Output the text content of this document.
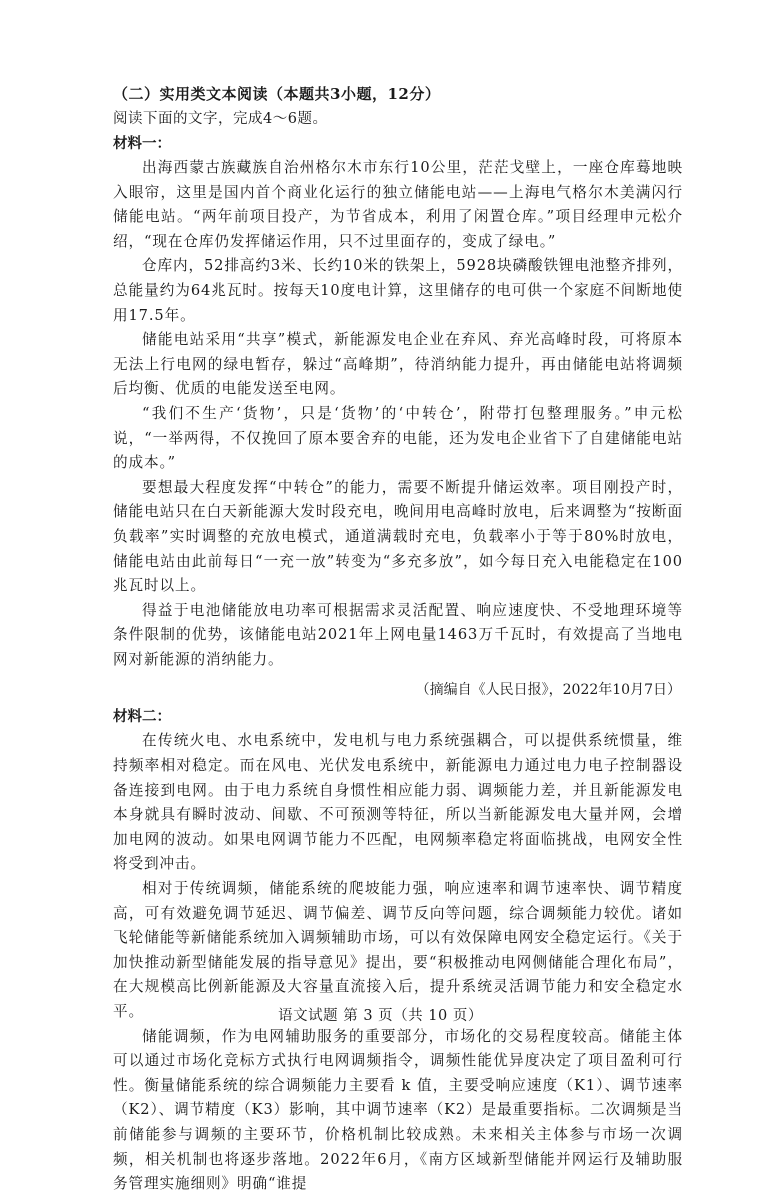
（二）实用类文本阅读（本题共3小题，12分）
阅读下面的文字，完成4～6题。
材料一：

出海西蒙古族藏族自治州格尔木市东行10公里，茫茫戈壁上，一座仓库蓦地映入眼帘，这里是国内首个商业化运行的独立储能电站——上海电气格尔木美满闪行储能电站。“两年前项目投产，为节省成本，利用了闲置仓库。”项目经理申元松介绍，“现在仓库仍发挥储运作用，只不过里面存的，变成了绿电。”

仓库内，52排高约3米、长约10米的铁架上，5928块磷酸铁锂电池整齐排列，总能量约为64兆瓦时。按每天10度电计算，这里储存的电可供一个家庭不间断地使用17.5年。

储能电站采用“共享”模式，新能源发电企业在弃风、弃光高峰时段，可将原本无法上行电网的绿电暂存，躲过“高峰期”，待消纳能力提升，再由储能电站将调频后均衡、优质的电能发送至电网。

“我们不生产‘货物’，只是‘货物’的‘中转仓’，附带打包整理服务。”申元松说，“一举两得，不仅挽回了原本要舍弃的电能，还为发电企业省下了自建储能电站的成本。”

要想最大程度发挥“中转仓”的能力，需要不断提升储运效率。项目刚投产时，储能电站只在白天新能源大发时段充电，晚间用电高峰时放电，后来调整为“按断面负载率”实时调整的充放电模式，通道满载时充电，负载率小于等于80%时放电，储能电站由此前每日“一充一放”转变为“多充多放”，如今每日充入电能稳定在100兆瓦时以上。

得益于电池储能放电功率可根据需求灵活配置、响应速度快、不受地理环境等条件限制的优势，该储能电站2021年上网电量1463万千瓦时，有效提高了当地电网对新能源的消纳能力。

（摘编自《人民日报》，2022年10月7日）
材料二：

在传统火电、水电系统中，发电机与电力系统强耦合，可以提供系统惯量，维持频率相对稳定。而在风电、光伏发电系统中，新能源电力通过电力电子控制器设备连接到电网。由于电力系统自身惯性相应能力弱、调频能力差，并且新能源发电本身就具有瞬时波动、间歇、不可预测等特征，所以当新能源发电大量并网，会增加电网的波动。如果电网调节能力不匹配，电网频率稳定将面临挑战，电网安全性将受到冲击。

相对于传统调频，储能系统的爬坡能力强，响应速率和调节速率快、调节精度高，可有效避免调节延迟、调节偏差、调节反向等问题，综合调频能力较优。诸如飞轮储能等新储能系统加入调频辅助市场，可以有效保障电网安全稳定运行。《关于加快推动新型储能发展的指导意见》提出，要“积极推动电网侧储能合理化布局”，在大规模高比例新能源及大容量直流接入后，提升系统灵活调节能力和安全稳定水平。

储能调频，作为电网辅助服务的重要部分，市场化的交易程度较高。储能主体可以通过市场化竞标方式执行电网调频指令，调频性能优异度决定了项目盈利可行性。衡量储能系统的综合调频能力主要看 k 值，主要受响应速度（K1）、调节速率（K2）、调节精度（K3）影响，其中调节速率（K2）是最重要指标。二次调频是当前储能参与调频的主要环节，价格机制比较成熟。未来相关主体参与市场一次调频，相关机制也将逐步落地。2022年6月，《南方区域新型储能并网运行及辅助服务管理实施细则》明确“谁提

语文试题 第 3 页（共 10 页）
